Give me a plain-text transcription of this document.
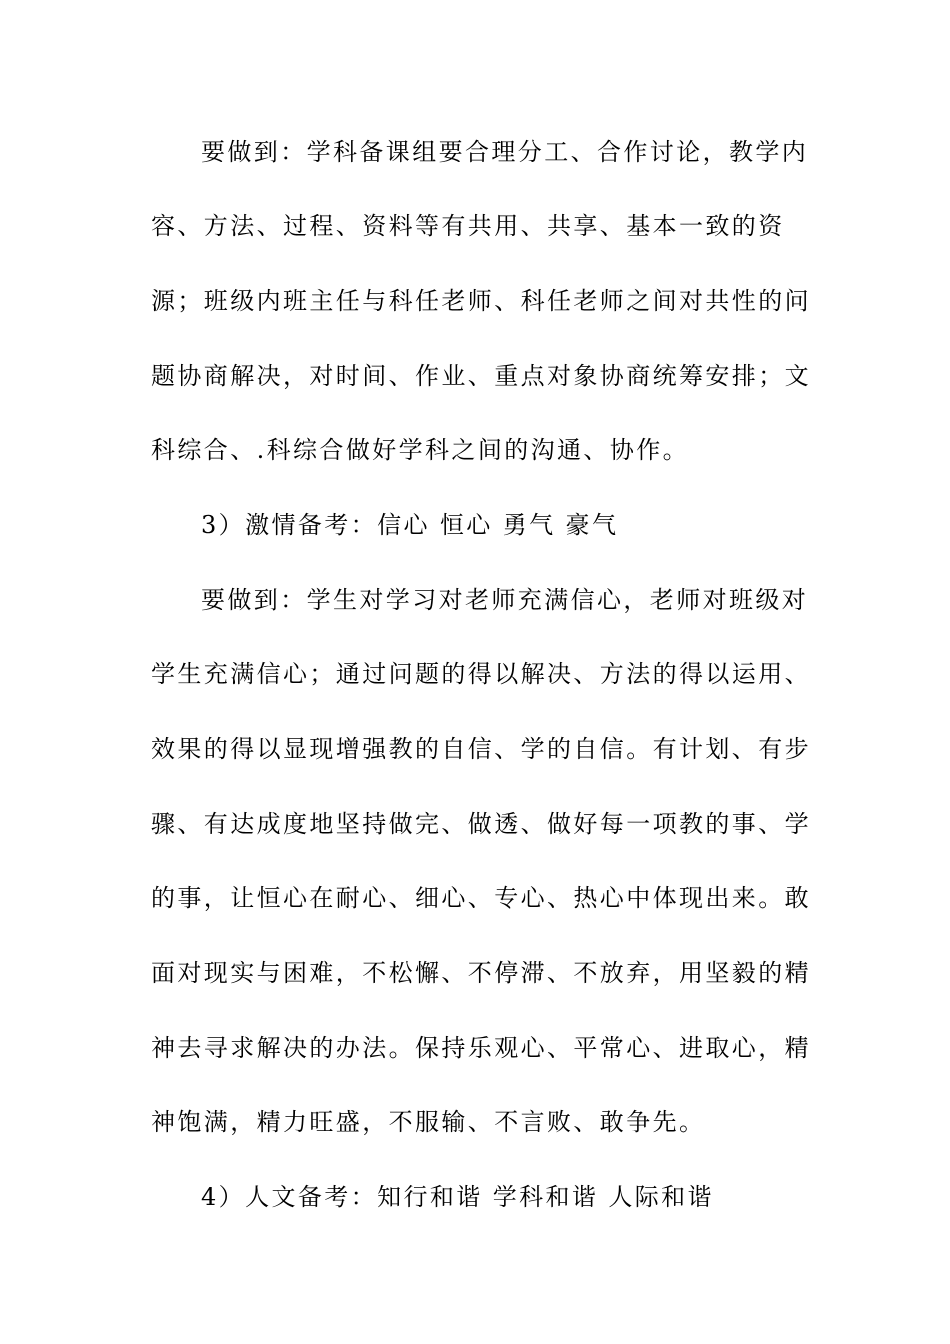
要做到：学科备课组要合理分工、合作讨论，教学内
容、方法、过程、资料等有共用、共享、基本一致的资
源；班级内班主任与科任老师、科任老师之间对共性的问
题协商解决，对时间、作业、重点对象协商统筹安排；文
科综合、.科综合做好学科之间的沟通、协作。
3）激情备考：信心 恒心 勇气 豪气
要做到：学生对学习对老师充满信心，老师对班级对
学生充满信心；通过问题的得以解决、方法的得以运用、
效果的得以显现增强教的自信、学的自信。有计划、有步
骤、有达成度地坚持做完、做透、做好每一项教的事、学
的事，让恒心在耐心、细心、专心、热心中体现出来。敢
面对现实与困难，不松懈、不停滞、不放弃，用坚毅的精
神去寻求解决的办法。保持乐观心、平常心、进取心，精
神饱满，精力旺盛，不服输、不言败、敢争先。
4）人文备考：知行和谐 学科和谐 人际和谐
